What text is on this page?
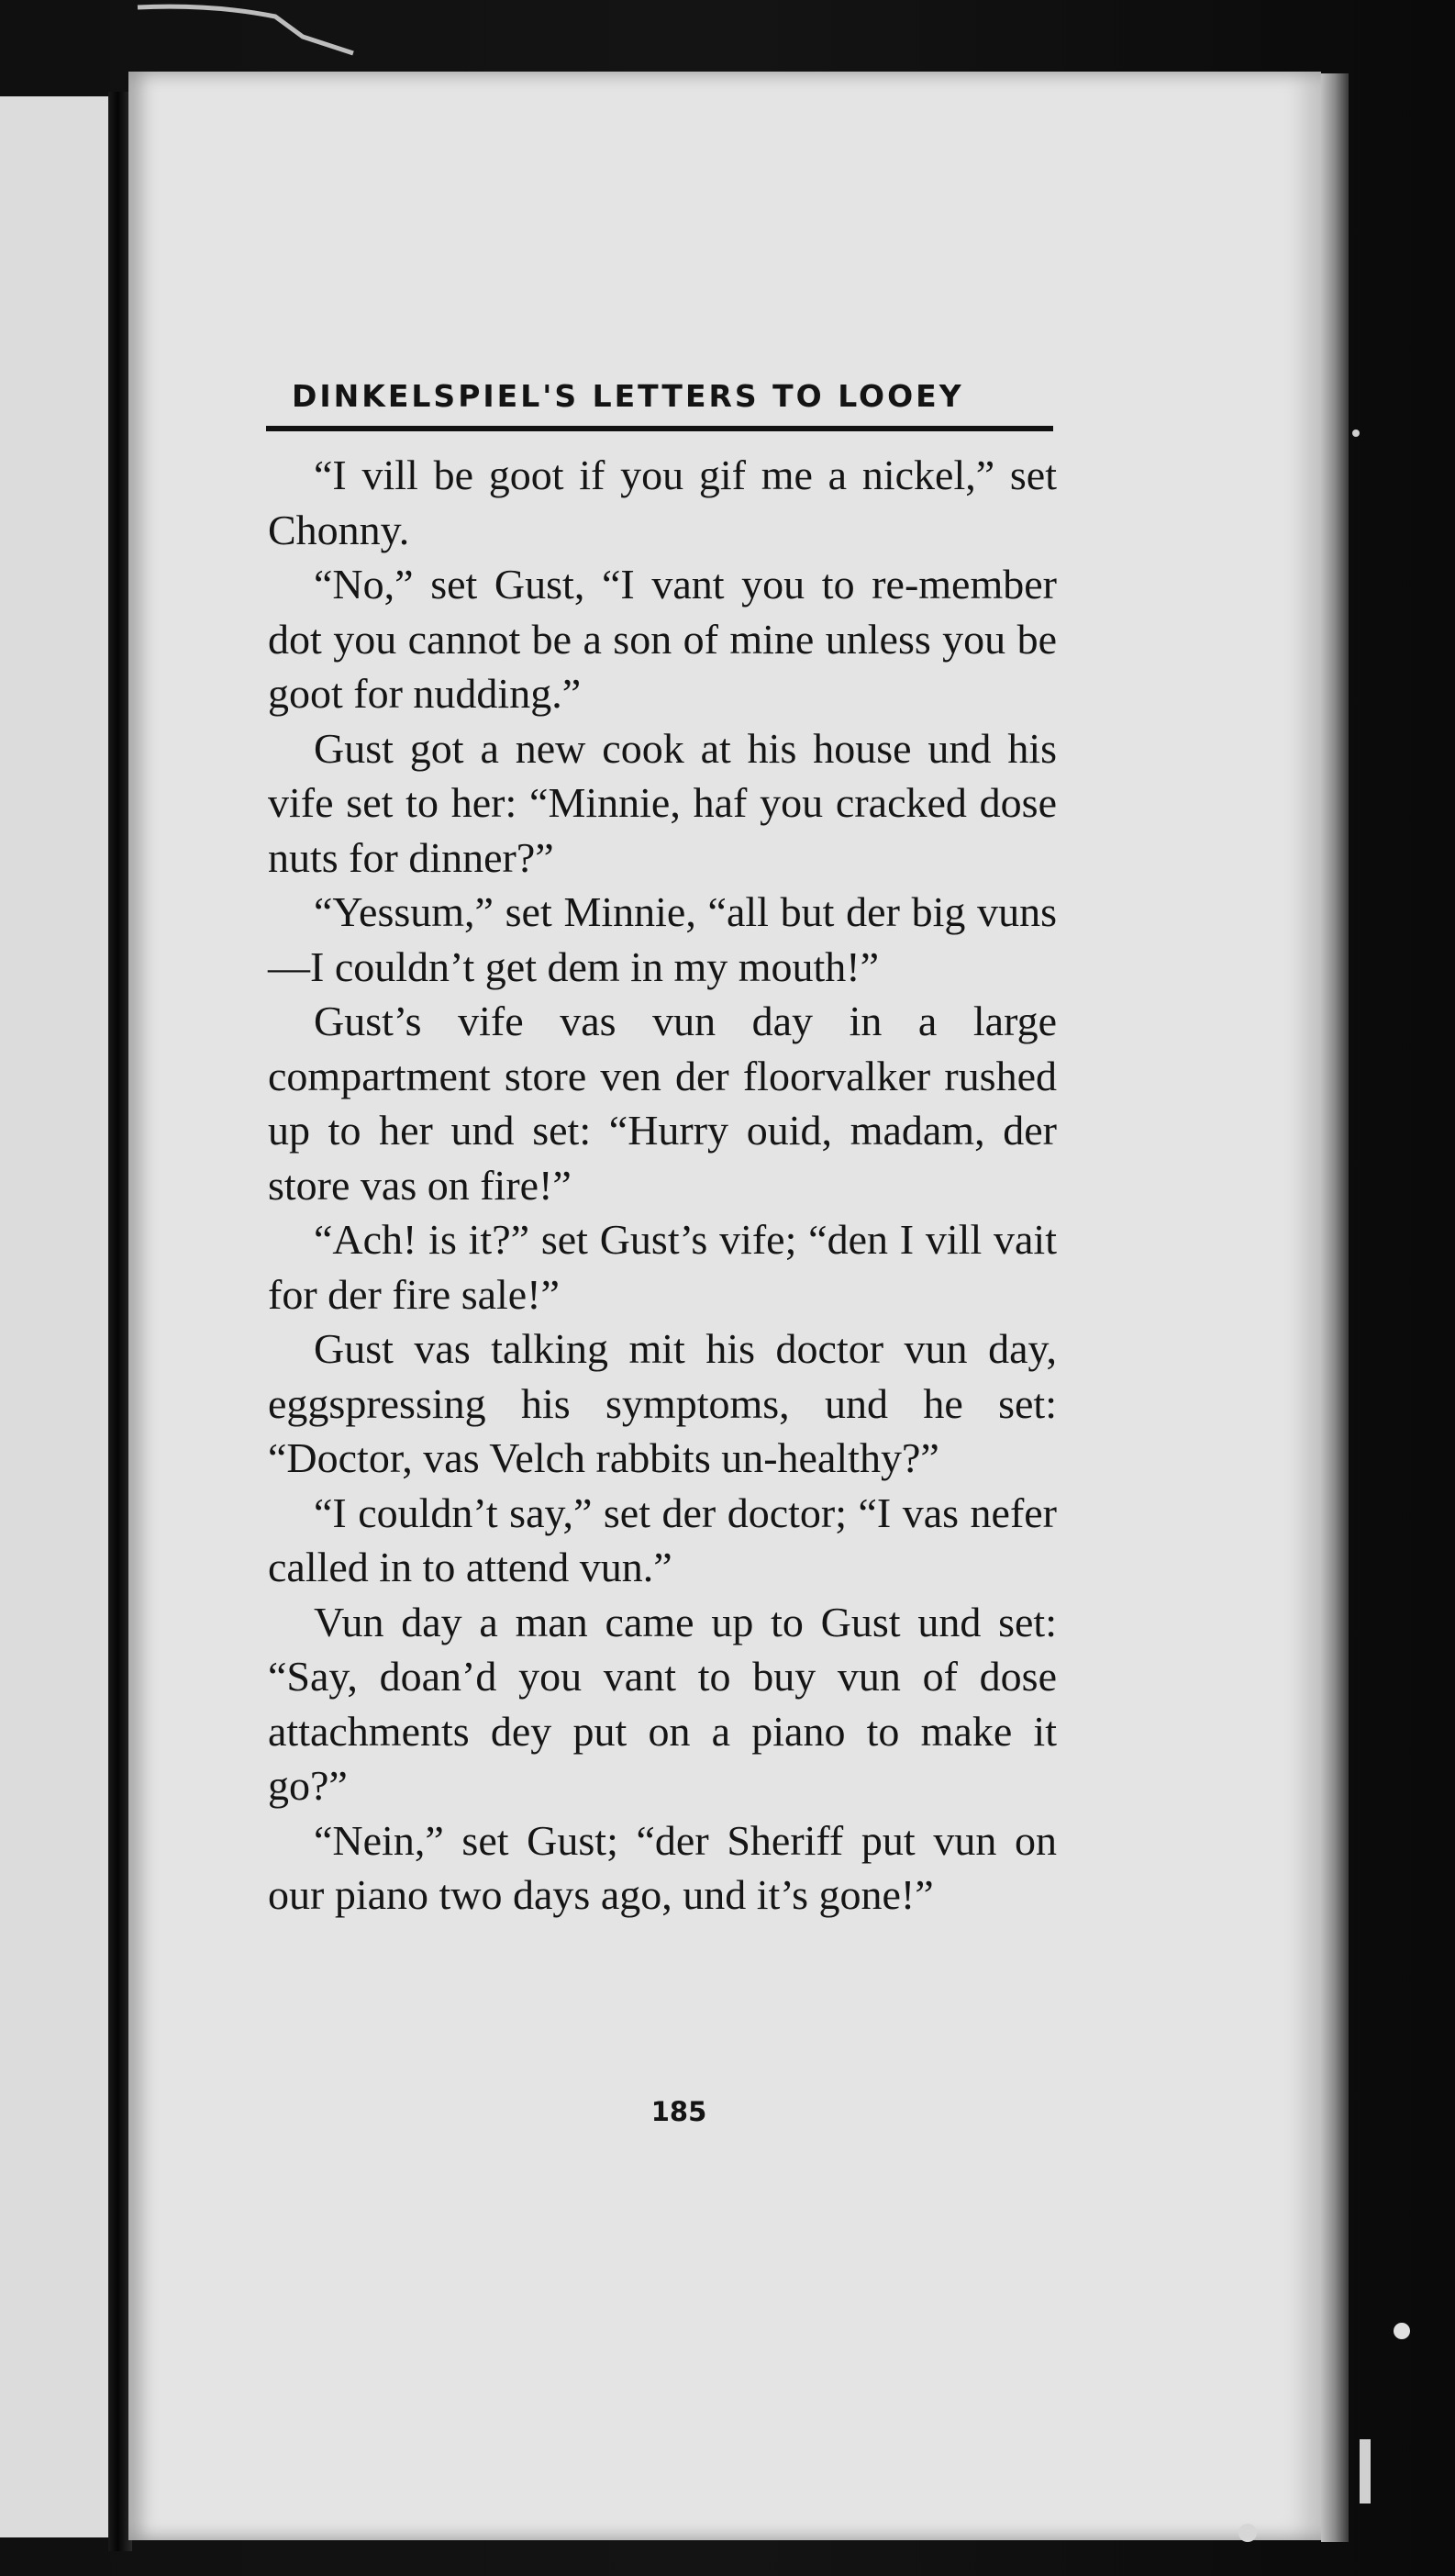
DINKELSPIEL'S LETTERS TO LOOEY

“I vill be goot if you gif me a nickel,” set Chonny.

“No,” set Gust, “I vant you to re-member dot you cannot be a son of mine unless you be goot for nudding.”

Gust got a new cook at his house und his vife set to her: “Minnie, haf you cracked dose nuts for dinner?”

“Yessum,” set Minnie, “all but der big vuns—I couldn’t get dem in my mouth!”

Gust’s vife vas vun day in a large compartment store ven der floorvalker rushed up to her und set: “Hurry ouid, madam, der store vas on fire!”

“Ach! is it?” set Gust’s vife; “den I vill vait for der fire sale!”

Gust vas talking mit his doctor vun day, eggspressing his symptoms, und he set: “Doctor, vas Velch rabbits un-healthy?”

“I couldn’t say,” set der doctor; “I vas nefer called in to attend vun.”

Vun day a man came up to Gust und set: “Say, doan’d you vant to buy vun of dose attachments dey put on a piano to make it go?”

“Nein,” set Gust; “der Sheriff put vun on our piano two days ago, und it’s gone!”

185
